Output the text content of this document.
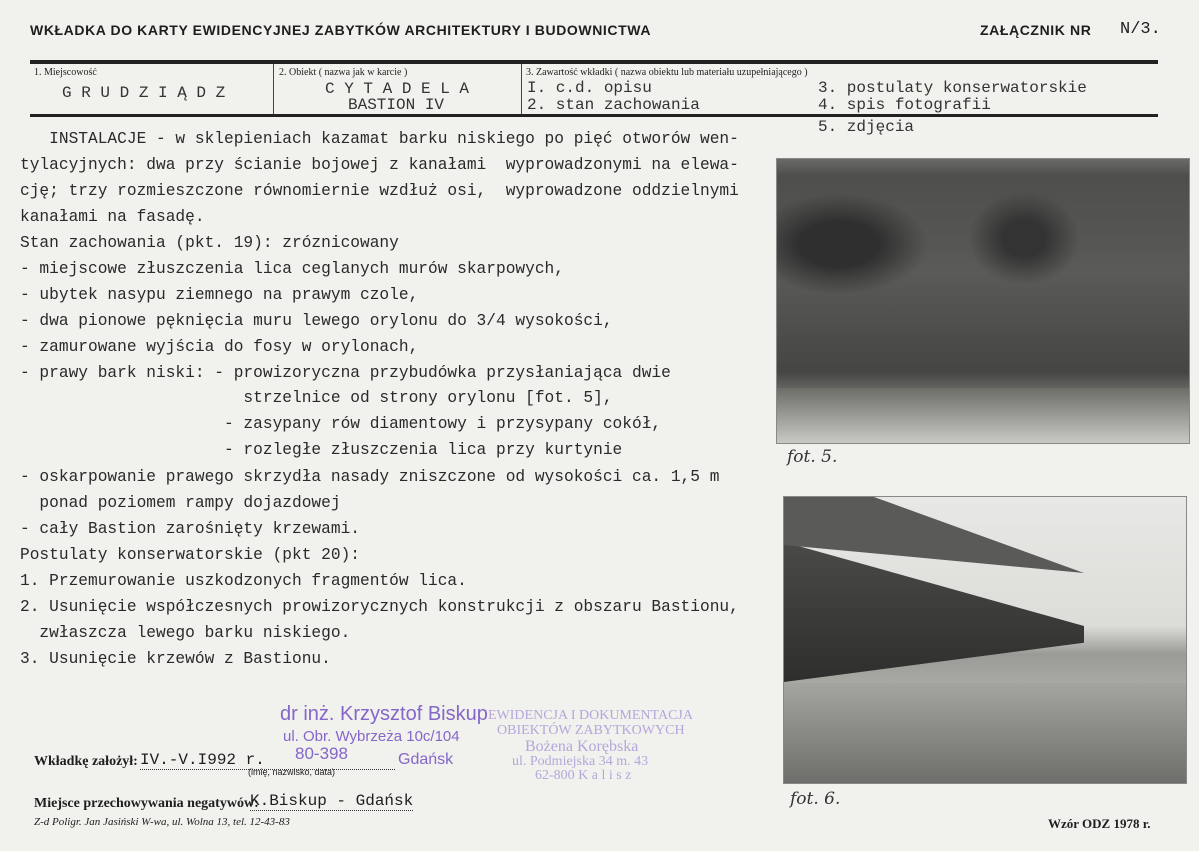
WKŁADKA DO KARTY EWIDENCYJNEJ ZABYTKÓW ARCHITEKTURY I BUDOWNICTWA	ZAŁĄCZNIK NR N/3.
1. Miejscowość
G R U D Z I Ą D Z
2. Obiekt ( nazwa jak w karcie )
C Y T A D E L A
BASTION IV
3. Zawartość wkładki ( nazwa obiektu lub materiału uzupełniającego )
I. c.d. opisu
2. stan zachowania
3. postulaty konserwatorskie
4. spis fotografii
5. zdjęcia
INSTALACJE - w sklepieniach kazamat barku niskiego po pięć otworów wen-
tylacyjnych: dwa przy ścianie bojowej z kanałami  wyprowadzonymi na elewa-
cję; trzy rozmieszczone równomiernie wzdłuż osi,  wyprowadzone oddzielnymi
kanałami na fasadę.
Stan zachowania (pkt. 19): zróznicowany
- miejscowe złuszczenia lica ceglanych murów skarpowych,
- ubytek nasypu ziemnego na prawym czole,
- dwa pionowe pęknięcia muru lewego orylonu do 3/4 wysokości,
- zamurowane wyjścia do fosy w orylonach,
- prawy bark niski: - prowizoryczna przybudówka przysłaniająca dwie
strzelnice od strony orylonu [fot. 5],
- zasypany rów diamentowy i przysypany cokół,
- rozległe złuszczenia lica przy kurtynie
- oskarpowanie prawego skrzydła nasady zniszczone od wysokości ca. 1,5 m
ponad poziomem rampy dojazdowej
- cały Bastion zarośnięty krzewami.
Postulaty konserwatorskie (pkt 20):
1. Przemurowanie uszkodzonych fragmentów lica.
2. Usunięcie współczesnych prowizorycznych konstrukcji z obszaru Bastionu,
zwłaszcza lewego barku niskiego.
3. Usunięcie krzewów z Bastionu.
fot. 5.
fot. 6.
dr inż. Krzysztof Biskup
ul. Obr. Wybrzeża 10c/104
80-398	Gdańsk
EWIDENCJA I DOKUMENTACJA
OBIEKTÓW ZABYTKOWYCH
Bożena Korębska
ul. Podmiejska 34 m. 43
62-800 K a l i s z
Wkładkę założył: IV.-V.I992 r.
(imię, nazwisko, data)
Miejsce przechowywania negatywów:
K.Biskup - Gdańsk
Z-d Poligr. Jan Jasiński W-wa, ul. Wolna 13, tel. 12-43-83	Wzór ODZ 1978 r.
